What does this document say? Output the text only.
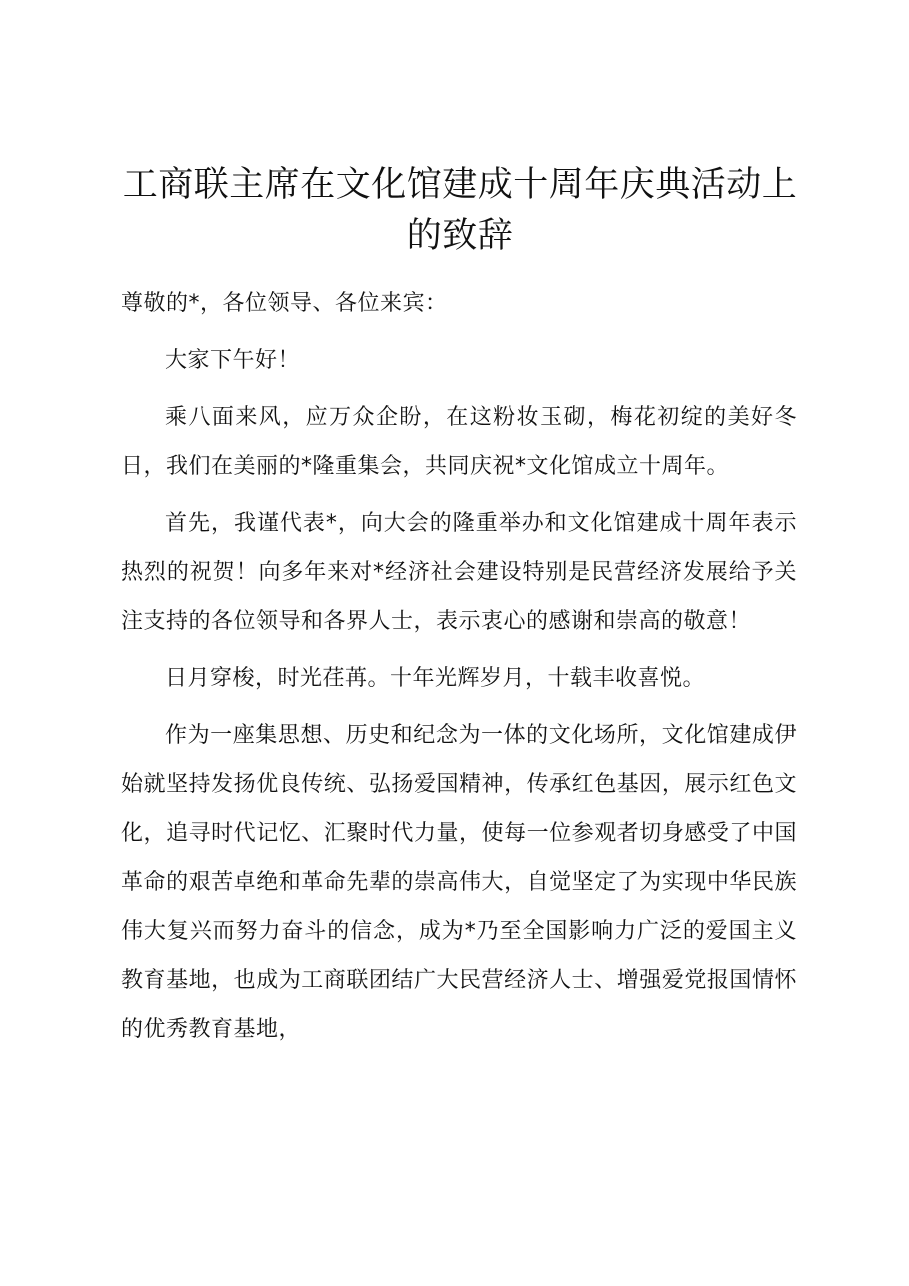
工商联主席在文化馆建成十周年庆典活动上的致辞

尊敬的*，各位领导、各位来宾：

大家下午好！

乘八面来风，应万众企盼，在这粉妆玉砌，梅花初绽的美好冬日，我们在美丽的*隆重集会，共同庆祝*文化馆成立十周年。

首先，我谨代表*，向大会的隆重举办和文化馆建成十周年表示热烈的祝贺！向多年来对*经济社会建设特别是民营经济发展给予关注支持的各位领导和各界人士，表示衷心的感谢和崇高的敬意！

日月穿梭，时光荏苒。十年光辉岁月，十载丰收喜悦。

作为一座集思想、历史和纪念为一体的文化场所，文化馆建成伊始就坚持发扬优良传统、弘扬爱国精神，传承红色基因，展示红色文化，追寻时代记忆、汇聚时代力量，使每一位参观者切身感受了中国革命的艰苦卓绝和革命先辈的崇高伟大，自觉坚定了为实现中华民族伟大复兴而努力奋斗的信念，成为*乃至全国影响力广泛的爱国主义教育基地，也成为工商联团结广大民营经济人士、增强爱党报国情怀的优秀教育基地，
